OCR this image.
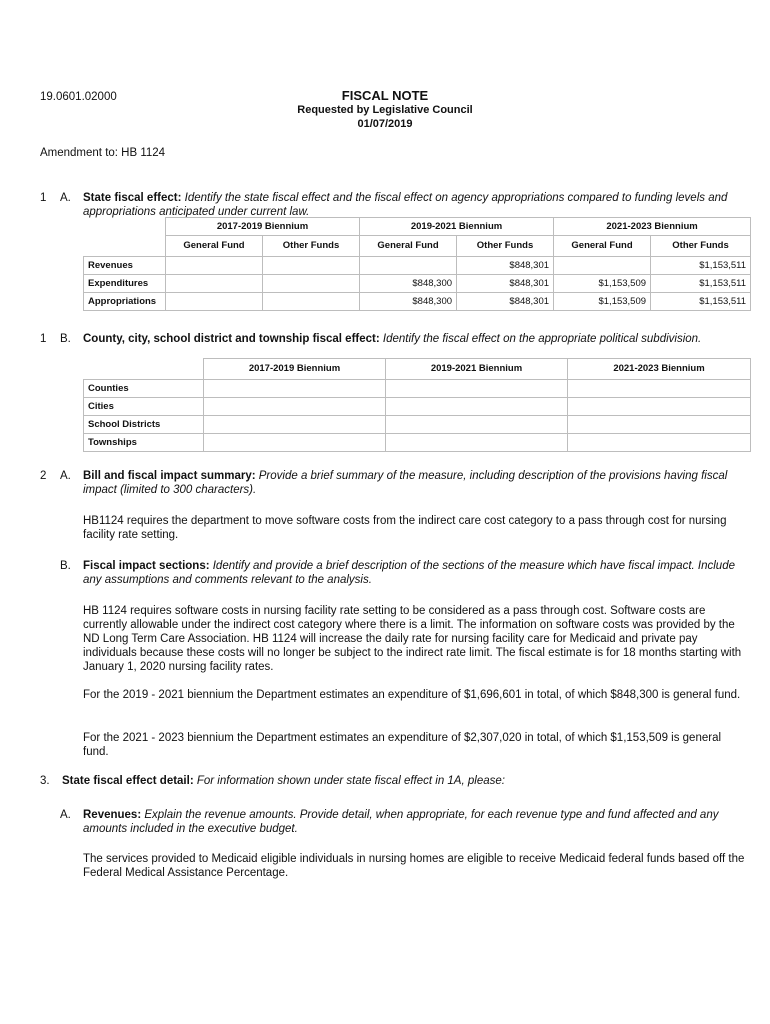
19.0601.02000	FISCAL NOTE
Requested by Legislative Council
01/07/2019
Amendment to: HB 1124
1 A. State fiscal effect: Identify the state fiscal effect and the fiscal effect on agency appropriations compared to funding levels and appropriations anticipated under current law.
	2017-2019 Biennium		2019-2021 Biennium		2021-2023 Biennium	
	General Fund	Other Funds	General Fund	Other Funds	General Fund	Other Funds
Revenues				$848,301		$1,153,511
Expenditures			$848,300	$848,301	$1,153,509	$1,153,511
Appropriations			$848,300	$848,301	$1,153,509	$1,153,511
1 B. County, city, school district and township fiscal effect: Identify the fiscal effect on the appropriate political subdivision.
	2017-2019 Biennium	2019-2021 Biennium	2021-2023 Biennium
Counties			
Cities			
School Districts			
Townships			
2 A. Bill and fiscal impact summary: Provide a brief summary of the measure, including description of the provisions having fiscal impact (limited to 300 characters).
HB1124 requires the department to move software costs from the indirect care cost category to a pass through cost for nursing facility rate setting.
B. Fiscal impact sections: Identify and provide a brief description of the sections of the measure which have fiscal impact. Include any assumptions and comments relevant to the analysis.
HB 1124 requires software costs in nursing facility rate setting to be considered as a pass through cost. Software costs are currently allowable under the indirect cost category where there is a limit. The information on software costs was provided by the ND Long Term Care Association. HB 1124 will increase the daily rate for nursing facility care for Medicaid and private pay individuals because these costs will no longer be subject to the indirect rate limit. The fiscal estimate is for 18 months starting with January 1, 2020 nursing facility rates.
For the 2019 - 2021 biennium the Department estimates an expenditure of $1,696,601 in total, of which $848,300 is general fund.
For the 2021 - 2023 biennium the Department estimates an expenditure of $2,307,020 in total, of which $1,153,509 is general fund.
3. State fiscal effect detail: For information shown under state fiscal effect in 1A, please:
A. Revenues: Explain the revenue amounts. Provide detail, when appropriate, for each revenue type and fund affected and any amounts included in the executive budget.
The services provided to Medicaid eligible individuals in nursing homes are eligible to receive Medicaid federal funds based off the Federal Medical Assistance Percentage.
